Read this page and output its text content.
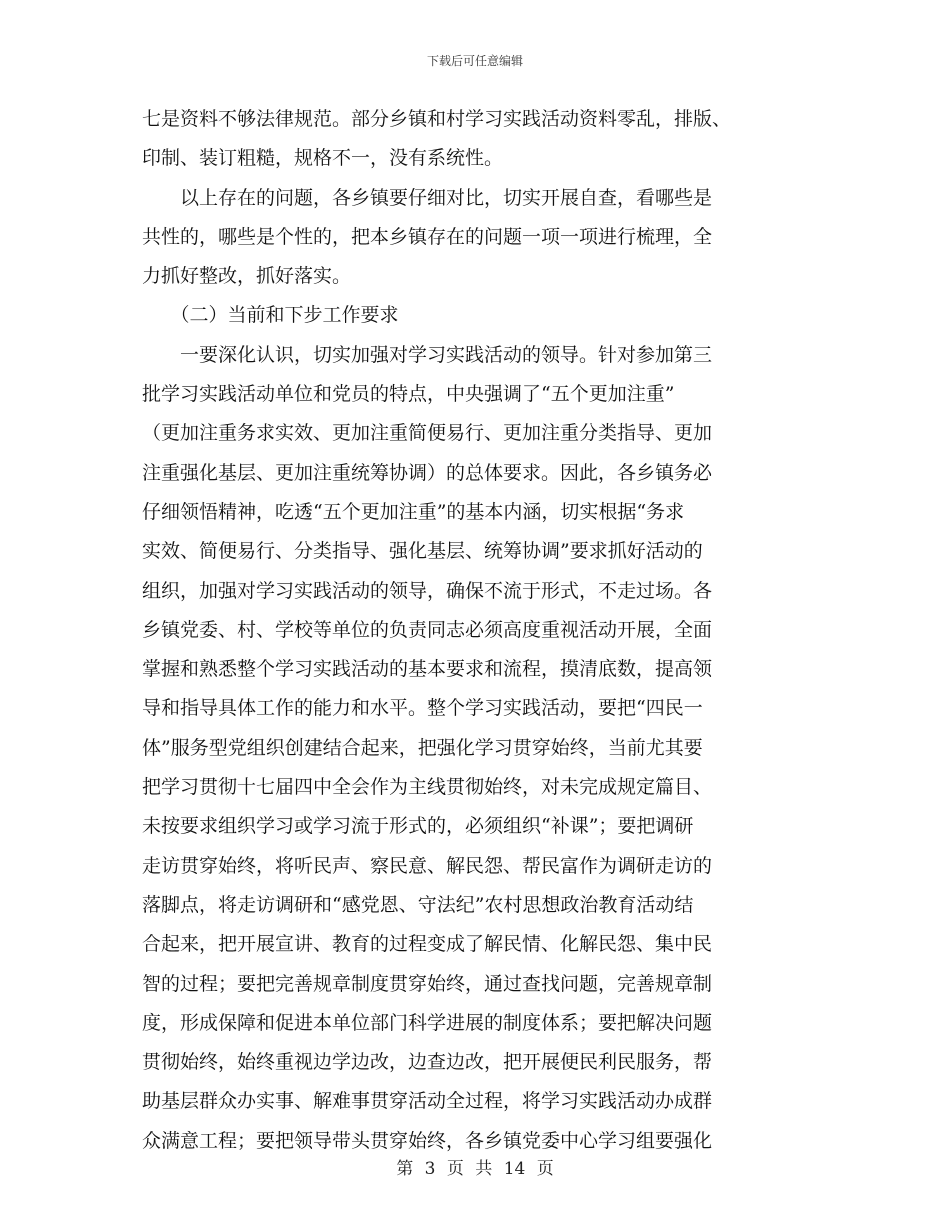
下载后可任意编辑
七是资料不够法律规范。部分乡镇和村学习实践活动资料零乱，排版、
印制、装订粗糙，规格不一，没有系统性。
　　以上存在的问题，各乡镇要仔细对比，切实开展自查，看哪些是
共性的，哪些是个性的，把本乡镇存在的问题一项一项进行梳理，全
力抓好整改，抓好落实。
　　（二）当前和下步工作要求
　　一要深化认识，切实加强对学习实践活动的领导。针对参加第三
批学习实践活动单位和党员的特点，中央强调了“五个更加注重”
（更加注重务求实效、更加注重简便易行、更加注重分类指导、更加
注重强化基层、更加注重统筹协调）的总体要求。因此，各乡镇务必
仔细领悟精神，吃透“五个更加注重”的基本内涵，切实根据“务求
实效、简便易行、分类指导、强化基层、统筹协调”要求抓好活动的
组织，加强对学习实践活动的领导，确保不流于形式，不走过场。各
乡镇党委、村、学校等单位的负责同志必须高度重视活动开展，全面
掌握和熟悉整个学习实践活动的基本要求和流程，摸清底数，提高领
导和指导具体工作的能力和水平。整个学习实践活动，要把“四民一
体”服务型党组织创建结合起来，把强化学习贯穿始终，当前尤其要
把学习贯彻十七届四中全会作为主线贯彻始终，对未完成规定篇目、
未按要求组织学习或学习流于形式的，必须组织“补课”；要把调研
走访贯穿始终，将听民声、察民意、解民怨、帮民富作为调研走访的
落脚点，将走访调研和“感党恩、守法纪”农村思想政治教育活动结
合起来，把开展宣讲、教育的过程变成了解民情、化解民怨、集中民
智的过程；要把完善规章制度贯穿始终，通过查找问题，完善规章制
度，形成保障和促进本单位部门科学进展的制度体系；要把解决问题
贯彻始终，始终重视边学边改，边查边改，把开展便民利民服务，帮
助基层群众办实事、解难事贯穿活动全过程，将学习实践活动办成群
众满意工程；要把领导带头贯穿始终，各乡镇党委中心学习组要强化
第 3 页 共 14 页
